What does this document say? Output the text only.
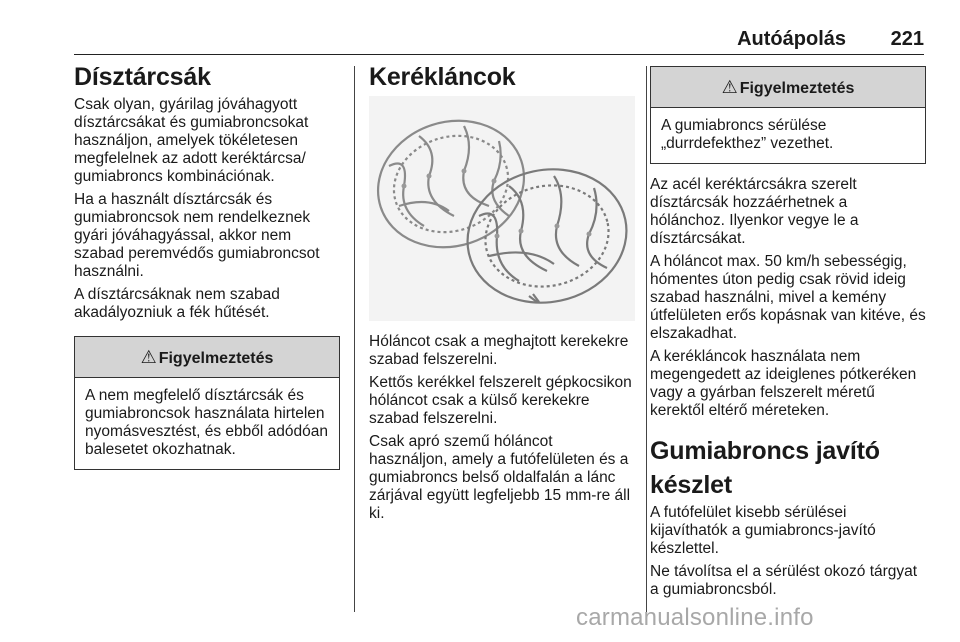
Autóápolás 221
Dísztárcsák

Csak olyan, gyárilag jóváhagyott dísztárcsákat és gumiabroncsokat használjon, amelyek tökéletesen megfelelnek az adott keréktárcsa/ gumiabroncs kombinációnak.

Ha a használt dísztárcsák és gumiabroncsok nem rendelkeznek gyári jóváhagyással, akkor nem szabad peremvédős gumiabroncsot használni.

A dísztárcsáknak nem szabad akadályozniuk a fék hűtését.

⚠ Figyelmeztetés

A nem megfelelő dísztárcsák és gumiabroncsok használata hirtelen nyomásvesztést, és ebből adódóan balesetet okozhatnak.

Kerékláncok

Hóláncot csak a meghajtott kerekekre szabad felszerelni.

Kettős kerékkel felszerelt gépkocsikon hóláncot csak a külső kerekekre szabad felszerelni.

Csak apró szemű hóláncot használjon, amely a futófelületen és a gumiabroncs belső oldalfalán a lánc zárjával együtt legfeljebb 15 mm-re áll ki.

⚠ Figyelmeztetés

A gumiabroncs sérülése „durrdefekthez” vezethet.

Az acél keréktárcsákra szerelt dísztárcsák hozzáérhetnek a hólánchoz. Ilyenkor vegye le a dísztárcsákat.

A hóláncot max. 50 km/h sebességig, hómentes úton pedig csak rövid ideig szabad használni, mivel a kemény útfelületen erős kopásnak van kitéve, és elszakadhat.

A kerékláncok használata nem megengedett az ideiglenes pótkeréken vagy a gyárban felszerelt méretű kerektől eltérő méreteken.

Gumiabroncs javító készlet

A futófelület kisebb sérülései kijavíthatók a gumiabroncs-javító készlettel.

Ne távolítsa el a sérülést okozó tárgyat a gumiabroncsból.

carmanualsonline.info
